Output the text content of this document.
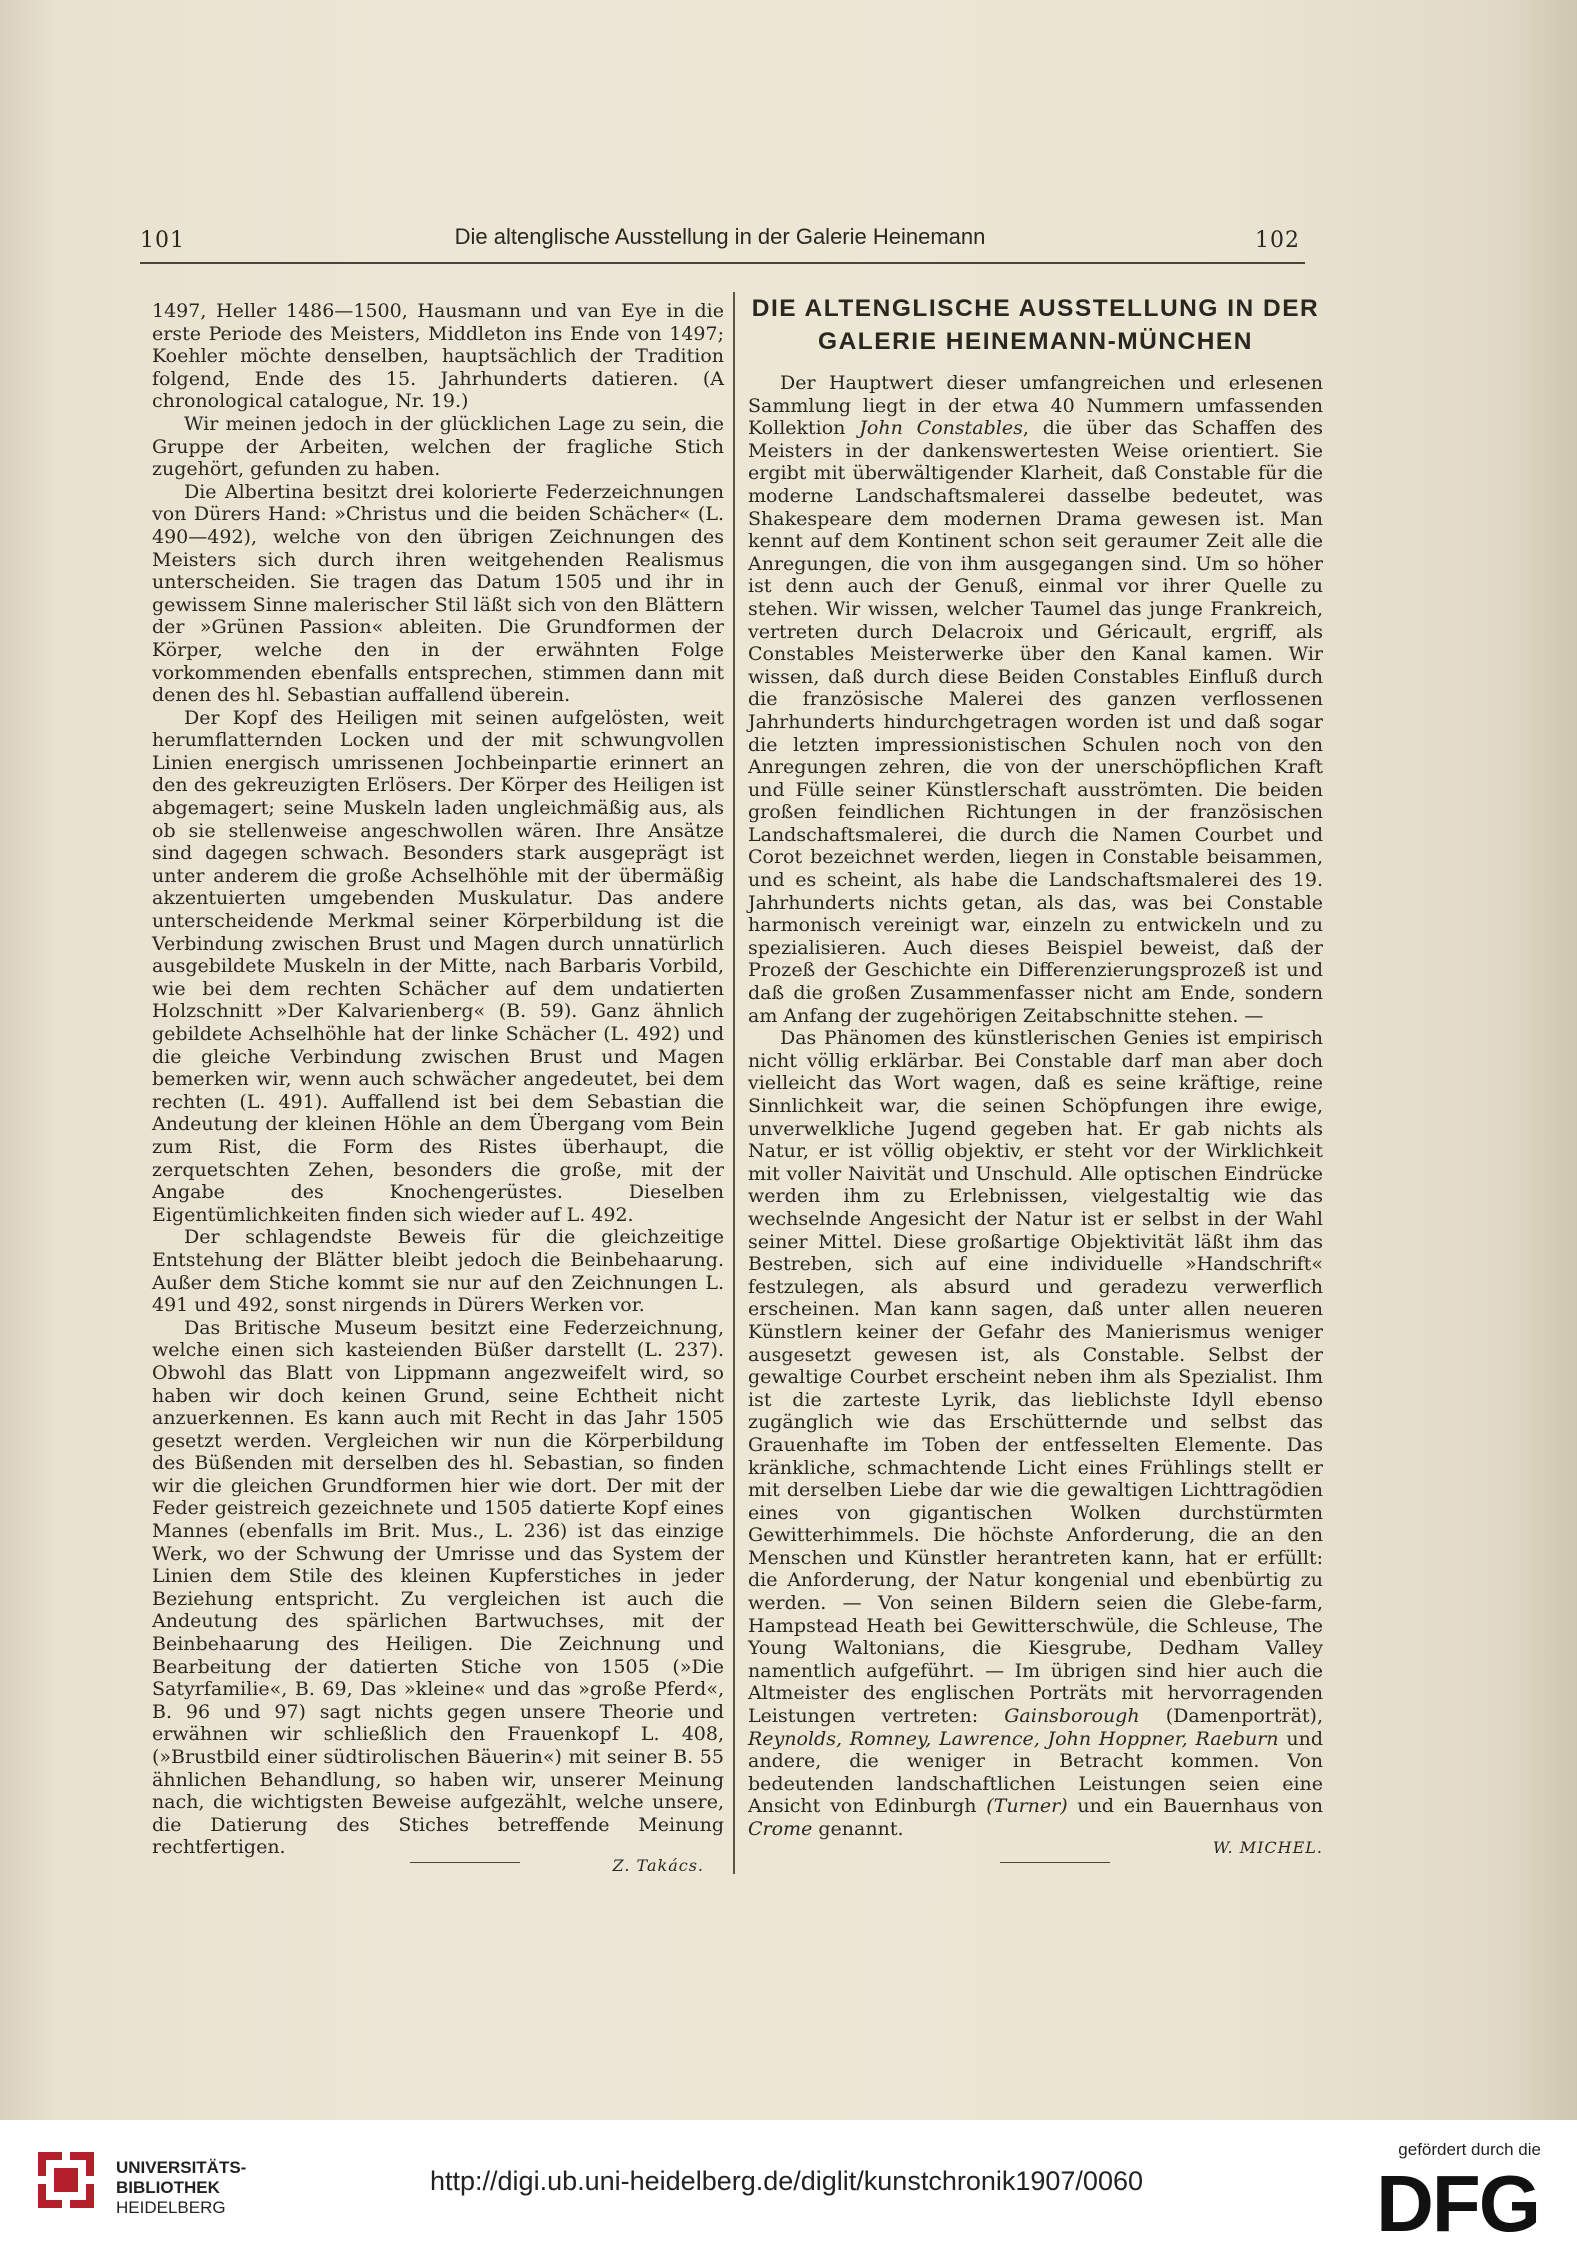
101	Die altenglische Ausstellung in der Galerie Heinemann	102

1497, Heller 1486—1500, Hausmann und van Eye in die erste Periode des Meisters, Middleton ins Ende von 1497; Koehler möchte denselben, hauptsächlich der Tradition folgend, Ende des 15. Jahrhunderts datieren. (A chronological catalogue, Nr. 19.)

Wir meinen jedoch in der glücklichen Lage zu sein, die Gruppe der Arbeiten, welchen der fragliche Stich zugehört, gefunden zu haben.

Die Albertina besitzt drei kolorierte Federzeichnungen von Dürers Hand: »Christus und die beiden Schächer« (L. 490—492), welche von den übrigen Zeichnungen des Meisters sich durch ihren weitgehenden Realismus unterscheiden. Sie tragen das Datum 1505 und ihr in gewissem Sinne malerischer Stil läßt sich von den Blättern der »Grünen Passion« ableiten. Die Grundformen der Körper, welche den in der erwähnten Folge vorkommenden ebenfalls entsprechen, stimmen dann mit denen des hl. Sebastian auffallend überein.

Der Kopf des Heiligen mit seinen aufgelösten, weit herumflatternden Locken und der mit schwungvollen Linien energisch umrissenen Jochbeinpartie erinnert an den des gekreuzigten Erlösers. Der Körper des Heiligen ist abgemagert; seine Muskeln laden ungleichmäßig aus, als ob sie stellenweise angeschwollen wären. Ihre Ansätze sind dagegen schwach. Besonders stark ausgeprägt ist unter anderem die große Achselhöhle mit der übermäßig akzentuierten umgebenden Muskulatur. Das andere unterscheidende Merkmal seiner Körperbildung ist die Verbindung zwischen Brust und Magen durch unnatürlich ausgebildete Muskeln in der Mitte, nach Barbaris Vorbild, wie bei dem rechten Schächer auf dem undatierten Holzschnitt »Der Kalvarienberg« (B. 59). Ganz ähnlich gebildete Achselhöhle hat der linke Schächer (L. 492) und die gleiche Verbindung zwischen Brust und Magen bemerken wir, wenn auch schwächer angedeutet, bei dem rechten (L. 491). Auffallend ist bei dem Sebastian die Andeutung der kleinen Höhle an dem Übergang vom Bein zum Rist, die Form des Ristes überhaupt, die zerquetschten Zehen, besonders die große, mit der Angabe des Knochengerüstes. Dieselben Eigentümlichkeiten finden sich wieder auf L. 492.

Der schlagendste Beweis für die gleichzeitige Entstehung der Blätter bleibt jedoch die Beinbehaarung. Außer dem Stiche kommt sie nur auf den Zeichnungen L. 491 und 492, sonst nirgends in Dürers Werken vor.

Das Britische Museum besitzt eine Federzeichnung, welche einen sich kasteienden Büßer darstellt (L. 237). Obwohl das Blatt von Lippmann angezweifelt wird, so haben wir doch keinen Grund, seine Echtheit nicht anzuerkennen. Es kann auch mit Recht in das Jahr 1505 gesetzt werden. Vergleichen wir nun die Körperbildung des Büßenden mit derselben des hl. Sebastian, so finden wir die gleichen Grundformen hier wie dort. Der mit der Feder geistreich gezeichnete und 1505 datierte Kopf eines Mannes (ebenfalls im Brit. Mus., L. 236) ist das einzige Werk, wo der Schwung der Umrisse und das System der Linien dem Stile des kleinen Kupferstiches in jeder Beziehung entspricht. Zu vergleichen ist auch die Andeutung des spärlichen Bartwuchses, mit der Beinbehaarung des Heiligen. Die Zeichnung und Bearbeitung der datierten Stiche von 1505 (»Die Satyrfamilie«, B. 69, Das »kleine« und das »große Pferd«, B. 96 und 97) sagt nichts gegen unsere Theorie und erwähnen wir schließlich den Frauenkopf L. 408, (»Brustbild einer südtirolischen Bäuerin«) mit seiner B. 55 ähnlichen Behandlung, so haben wir, unserer Meinung nach, die wichtigsten Beweise aufgezählt, welche unsere, die Datierung des Stiches betreffende Meinung rechtfertigen.

Z. Takács.
DIE ALTENGLISCHE AUSSTELLUNG IN DER GALERIE HEINEMANN-MÜNCHEN

Der Hauptwert dieser umfangreichen und erlesenen Sammlung liegt in der etwa 40 Nummern umfassenden Kollektion John Constables, die über das Schaffen des Meisters in der dankenswertesten Weise orientiert. Sie ergibt mit überwältigender Klarheit, daß Constable für die moderne Landschaftsmalerei dasselbe bedeutet, was Shakespeare dem modernen Drama gewesen ist. Man kennt auf dem Kontinent schon seit geraumer Zeit alle die Anregungen, die von ihm ausgegangen sind. Um so höher ist denn auch der Genuß, einmal vor ihrer Quelle zu stehen. Wir wissen, welcher Taumel das junge Frankreich, vertreten durch Delacroix und Géricault, ergriff, als Constables Meisterwerke über den Kanal kamen. Wir wissen, daß durch diese Beiden Constables Einfluß durch die französische Malerei des ganzen verflossenen Jahrhunderts hindurchgetragen worden ist und daß sogar die letzten impressionistischen Schulen noch von den Anregungen zehren, die von der unerschöpflichen Kraft und Fülle seiner Künstlerschaft ausströmten. Die beiden großen feindlichen Richtungen in der französischen Landschaftsmalerei, die durch die Namen Courbet und Corot bezeichnet werden, liegen in Constable beisammen, und es scheint, als habe die Landschaftsmalerei des 19. Jahrhunderts nichts getan, als das, was bei Constable harmonisch vereinigt war, einzeln zu entwickeln und zu spezialisieren. Auch dieses Beispiel beweist, daß der Prozeß der Geschichte ein Differenzierungsprozeß ist und daß die großen Zusammenfasser nicht am Ende, sondern am Anfang der zugehörigen Zeitabschnitte stehen. —

Das Phänomen des künstlerischen Genies ist empirisch nicht völlig erklärbar. Bei Constable darf man aber doch vielleicht das Wort wagen, daß es seine kräftige, reine Sinnlichkeit war, die seinen Schöpfungen ihre ewige, unverwelkliche Jugend gegeben hat. Er gab nichts als Natur, er ist völlig objektiv, er steht vor der Wirklichkeit mit voller Naivität und Unschuld. Alle optischen Eindrücke werden ihm zu Erlebnissen, vielgestaltig wie das wechselnde Angesicht der Natur ist er selbst in der Wahl seiner Mittel. Diese großartige Objektivität läßt ihm das Bestreben, sich auf eine individuelle »Handschrift« festzulegen, als absurd und geradezu verwerflich erscheinen. Man kann sagen, daß unter allen neueren Künstlern keiner der Gefahr des Manierismus weniger ausgesetzt gewesen ist, als Constable. Selbst der gewaltige Courbet erscheint neben ihm als Spezialist. Ihm ist die zarteste Lyrik, das lieblichste Idyll ebenso zugänglich wie das Erschütternde und selbst das Grauenhafte im Toben der entfesselten Elemente. Das kränkliche, schmachtende Licht eines Frühlings stellt er mit derselben Liebe dar wie die gewaltigen Lichttragödien eines von gigantischen Wolken durchstürmten Gewitterhimmels. Die höchste Anforderung, die an den Menschen und Künstler herantreten kann, hat er erfüllt: die Anforderung, der Natur kongenial und ebenbürtig zu werden. — Von seinen Bildern seien die Glebe-farm, Hampstead Heath bei Gewitterschwüle, die Schleuse, The Young Waltonians, die Kiesgrube, Dedham Valley namentlich aufgeführt. — Im übrigen sind hier auch die Altmeister des englischen Porträts mit hervorragenden Leistungen vertreten: Gainsborough (Damenporträt), Reynolds, Romney, Lawrence, John Hoppner, Raeburn und andere, die weniger in Betracht kommen. Von bedeutenden landschaftlichen Leistungen seien eine Ansicht von Edinburgh (Turner) und ein Bauernhaus von Crome genannt.

W. MICHEL.
UNIVERSITÄTS-
BIBLIOTHEK
HEIDELBERG
http://digi.ub.uni-heidelberg.de/diglit/kunstchronik1907/0060
gefördert durch die
DFG
